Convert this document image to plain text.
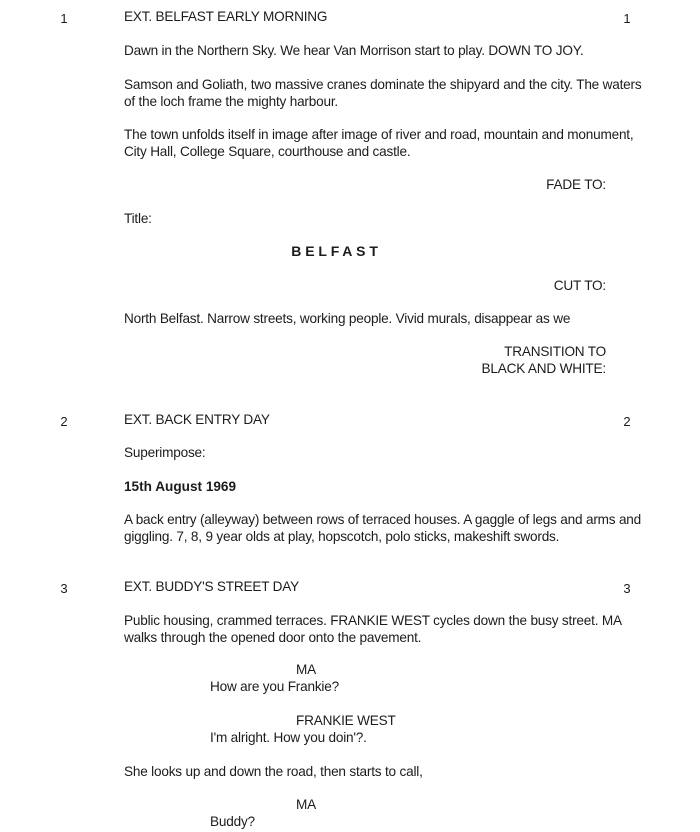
1	EXT. BELFAST EARLY MORNING	1
Dawn in the Northern Sky. We hear Van Morrison start to play. DOWN TO JOY.
Samson and Goliath, two massive cranes dominate the shipyard and the city. The waters of the loch frame the mighty harbour.
The town unfolds itself in image after image of river and road, mountain and monument, City Hall, College Square, courthouse and castle.
FADE TO:
Title:
BELFAST
CUT TO:
North Belfast. Narrow streets, working people. Vivid murals, disappear as we
TRANSITION TO
BLACK AND WHITE:
2	EXT. BACK ENTRY DAY	2
Superimpose:
15th August 1969
A back entry (alleyway) between rows of terraced houses. A gaggle of legs and arms and giggling. 7, 8, 9 year olds at play, hopscotch, polo sticks, makeshift swords.
3	EXT. BUDDY'S STREET DAY	3
Public housing, crammed terraces. FRANKIE WEST cycles down the busy street. MA walks through the opened door onto the pavement.
MA
How are you Frankie?
FRANKIE WEST
I'm alright. How you doin'?.
She looks up and down the road, then starts to call,
MA
Buddy?
